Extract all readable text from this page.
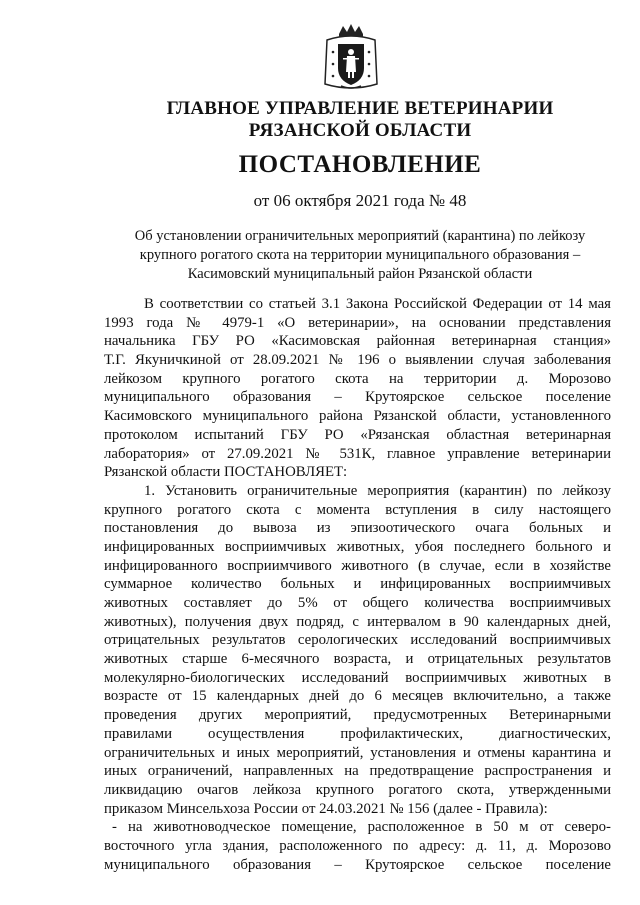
ГЛАВНОЕ УПРАВЛЕНИЕ ВЕТЕРИНАРИИ
РЯЗАНСКОЙ ОБЛАСТИ
ПОСТАНОВЛЕНИЕ
от 06 октября 2021 года № 48
Об установлении ограничительных мероприятий (карантина) по лейкозу
крупного рогатого скота на территории муниципального образования –
Касимовский муниципальный район Рязанской области
В соответствии со статьей 3.1 Закона Российской Федерации от 14 мая
1993 года № 4979-1 «О ветеринарии», на основании представления
начальника ГБУ РО «Касимовская районная ветеринарная станция»
Т.Г. Якуничкиной от 28.09.2021 № 196 о выявлении случая заболевания
лейкозом крупного рогатого скота на территории д. Морозово
муниципального образования – Крутоярское сельское поселение
Касимовского муниципального района Рязанской области, установленного
протоколом испытаний ГБУ РО «Рязанская областная ветеринарная
лаборатория» от 27.09.2021 № 531К, главное управление ветеринарии
Рязанской области ПОСТАНОВЛЯЕТ:
1. Установить ограничительные мероприятия (карантин) по лейкозу
крупного рогатого скота с момента вступления в силу настоящего
постановления до вывоза из эпизоотического очага больных и
инфицированных восприимчивых животных, убоя последнего больного и
инфицированного восприимчивого животного (в случае, если в хозяйстве
суммарное количество больных и инфицированных восприимчивых
животных составляет до 5% от общего количества восприимчивых
животных), получения двух подряд, с интервалом в 90 календарных дней,
отрицательных результатов серологических исследований восприимчивых
животных старше 6-месячного возраста, и отрицательных результатов
молекулярно-биологических исследований восприимчивых животных в
возрасте от 15 календарных дней до 6 месяцев включительно, а также
проведения других мероприятий, предусмотренных Ветеринарными
правилами осуществления профилактических, диагностических,
ограничительных и иных мероприятий, установления и отмены карантина и
иных ограничений, направленных на предотвращение распространения и
ликвидацию очагов лейкоза крупного рогатого скота, утвержденными
приказом Минсельхоза России от 24.03.2021 № 156 (далее - Правила):
- на животноводческое помещение, расположенное в 50 м от северо-
восточного угла здания, расположенного по адресу: д. 11, д. Морозово
муниципального образования – Крутоярское сельское поселение
